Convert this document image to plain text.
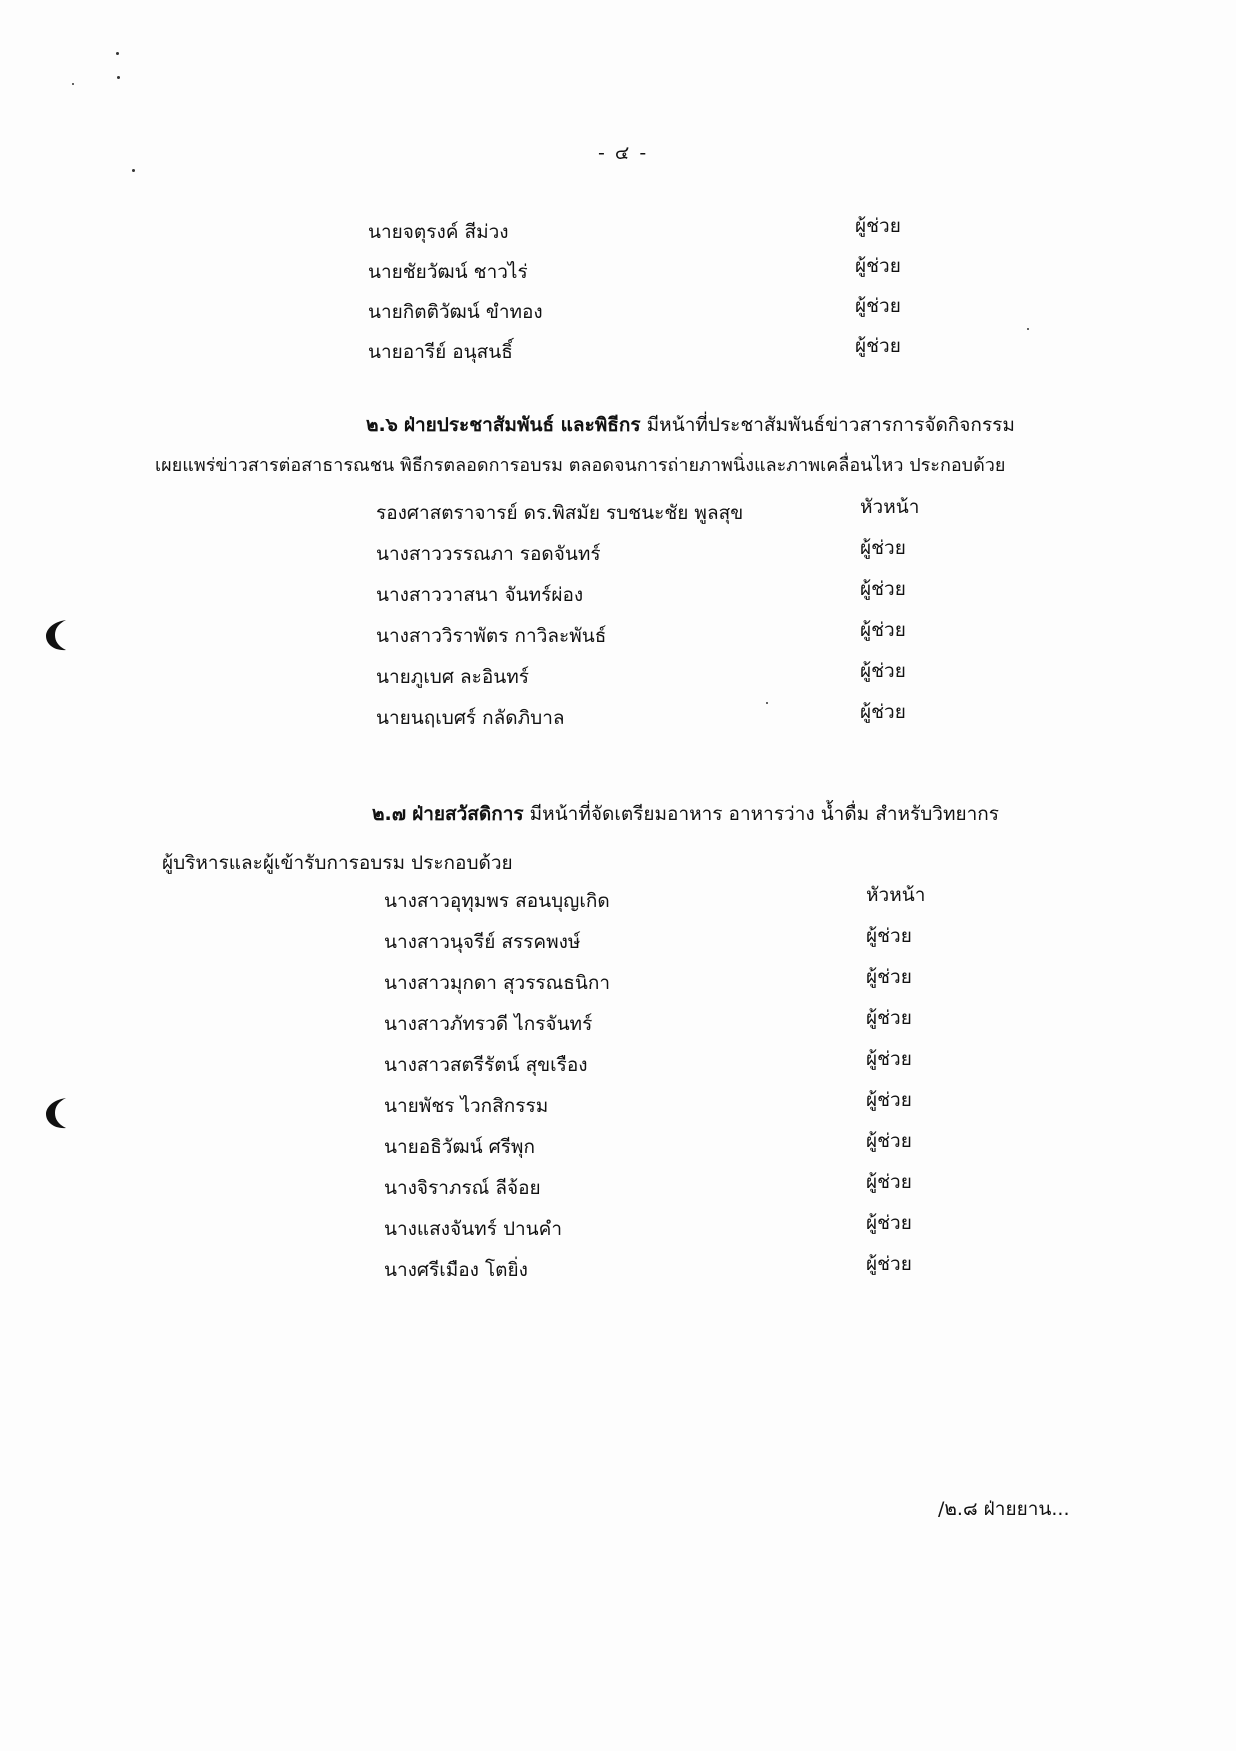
- ๔ -
นายจตุรงค์ สีม่วง	ผู้ช่วย
นายชัยวัฒน์ ชาวไร่	ผู้ช่วย
นายกิตติวัฒน์ ขำทอง	ผู้ช่วย
นายอารีย์ อนุสนธิ์	ผู้ช่วย
๒.๖ ฝ่ายประชาสัมพันธ์ และพิธีกร มีหน้าที่ประชาสัมพันธ์ข่าวสารการจัดกิจกรรม
เผยแพร่ข่าวสารต่อสาธารณชน พิธีกรตลอดการอบรม ตลอดจนการถ่ายภาพนิ่งและภาพเคลื่อนไหว ประกอบด้วย
รองศาสตราจารย์ ดร.พิสมัย รบชนะชัย พูลสุข	หัวหน้า
นางสาววรรณภา รอดจันทร์	ผู้ช่วย
นางสาววาสนา จันทร์ผ่อง	ผู้ช่วย
นางสาววิราพัตร กาวิละพันธ์	ผู้ช่วย
นายภูเบศ ละอินทร์	ผู้ช่วย
นายนฤเบศร์ กลัดภิบาล	ผู้ช่วย
๒.๗ ฝ่ายสวัสดิการ มีหน้าที่จัดเตรียมอาหาร อาหารว่าง น้ำดื่ม สำหรับวิทยากร
ผู้บริหารและผู้เข้ารับการอบรม ประกอบด้วย
นางสาวอุทุมพร สอนบุญเกิด	หัวหน้า
นางสาวนุจรีย์ สรรคพงษ์	ผู้ช่วย
นางสาวมุกดา สุวรรณธนิกา	ผู้ช่วย
นางสาวภัทรวดี ไกรจันทร์	ผู้ช่วย
นางสาวสตรีรัตน์ สุขเรือง	ผู้ช่วย
นายพัชร ไวกสิกรรม	ผู้ช่วย
นายอธิวัฒน์ ศรีพุก	ผู้ช่วย
นางจิราภรณ์ ลีจ้อย	ผู้ช่วย
นางแสงจันทร์ ปานคำ	ผู้ช่วย
นางศรีเมือง โตยิ่ง	ผู้ช่วย
/๒.๘ ฝ่ายยาน...
